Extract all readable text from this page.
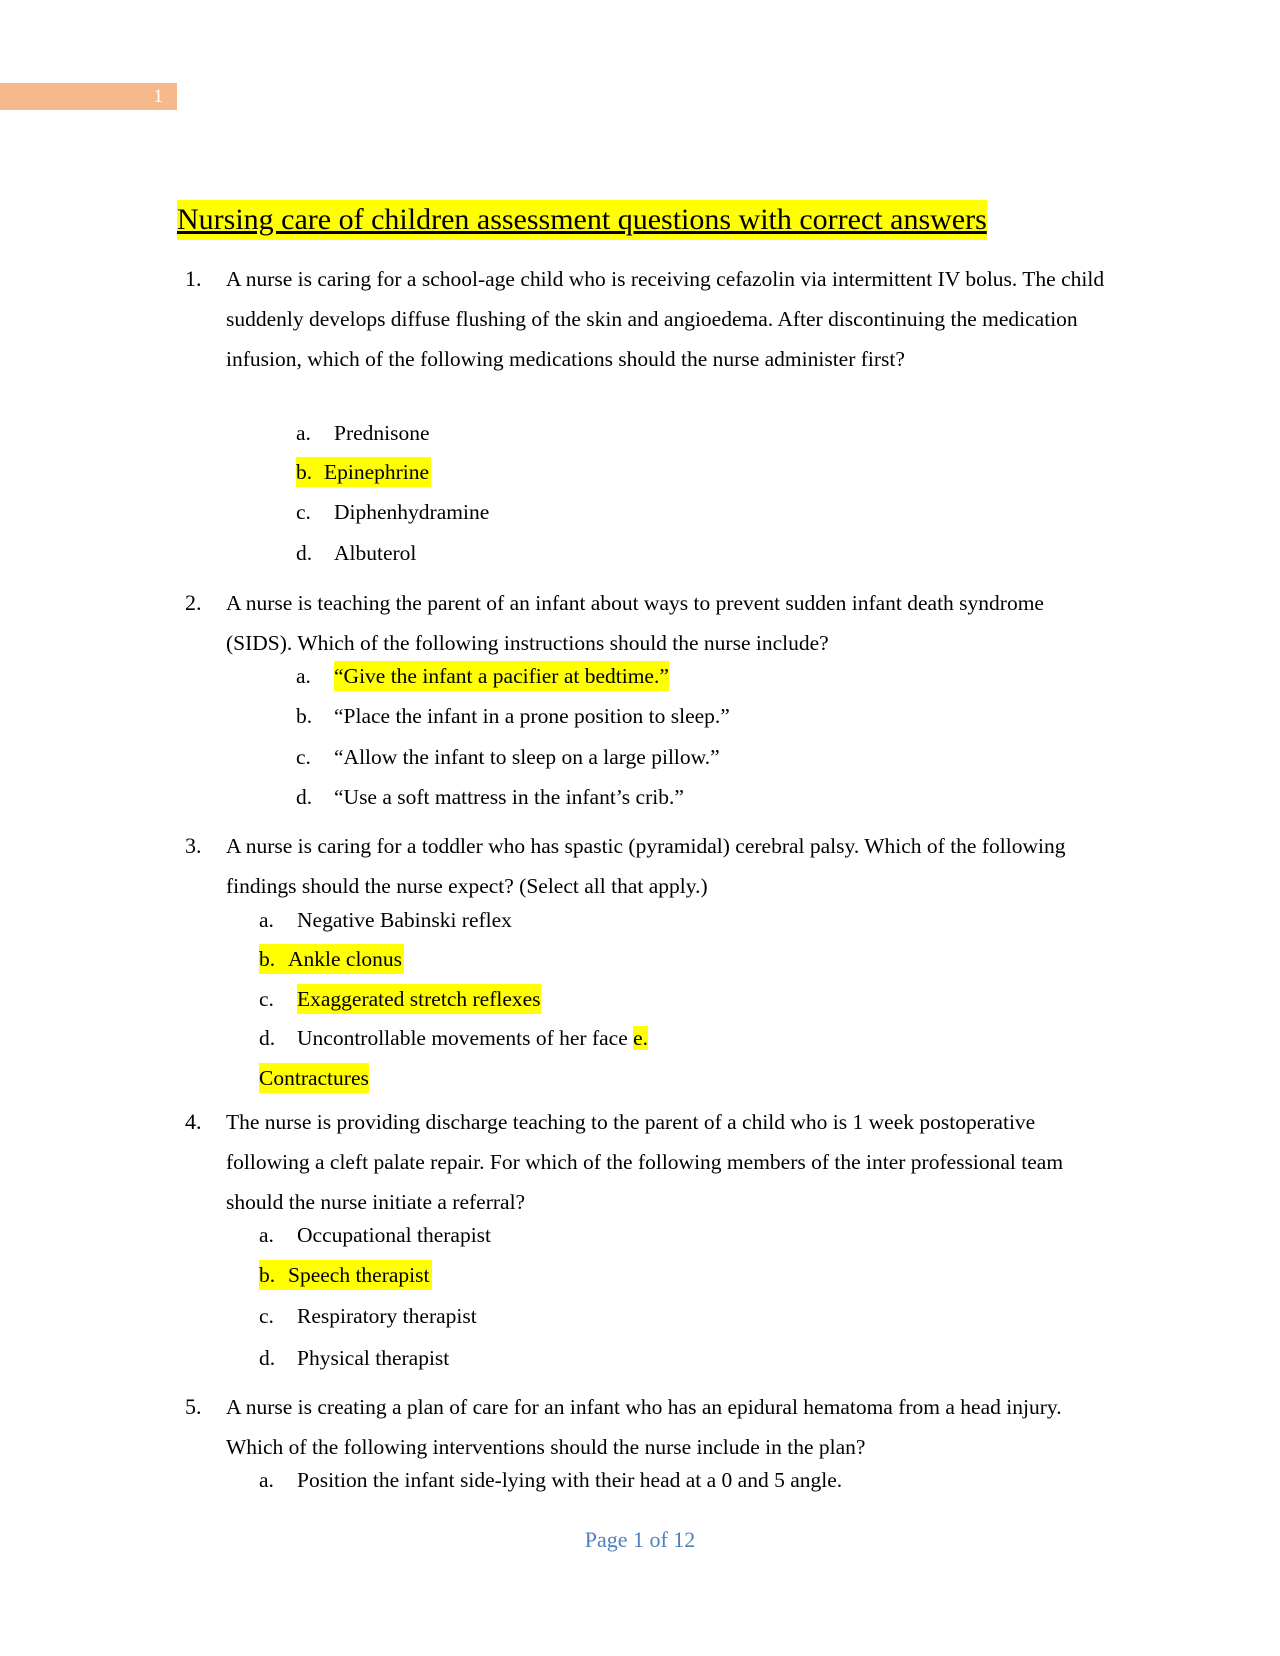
1
Nursing care of children assessment questions with correct answers
1. A nurse is caring for a school-age child who is receiving cefazolin via intermittent IV bolus. The child suddenly develops diffuse flushing of the skin and angioedema. After discontinuing the medication infusion, which of the following medications should the nurse administer first?
a. Prednisone
b. Epinephrine
c. Diphenhydramine
d. Albuterol
2. A nurse is teaching the parent of an infant about ways to prevent sudden infant death syndrome (SIDS). Which of the following instructions should the nurse include?
a. “Give the infant a pacifier at bedtime.”
b. “Place the infant in a prone position to sleep.”
c. “Allow the infant to sleep on a large pillow.”
d. “Use a soft mattress in the infant’s crib.”
3. A nurse is caring for a toddler who has spastic (pyramidal) cerebral palsy. Which of the following findings should the nurse expect? (Select all that apply.)
a. Negative Babinski reflex
b. Ankle clonus
c. Exaggerated stretch reflexes
d. Uncontrollable movements of her face e.
Contractures
4. The nurse is providing discharge teaching to the parent of a child who is 1 week postoperative following a cleft palate repair. For which of the following members of the inter professional team should the nurse initiate a referral?
a. Occupational therapist
b. Speech therapist
c. Respiratory therapist
d. Physical therapist
5. A nurse is creating a plan of care for an infant who has an epidural hematoma from a head injury. Which of the following interventions should the nurse include in the plan?
a. Position the infant side-lying with their head at a 0 and 5 angle.
Page 1 of 12
